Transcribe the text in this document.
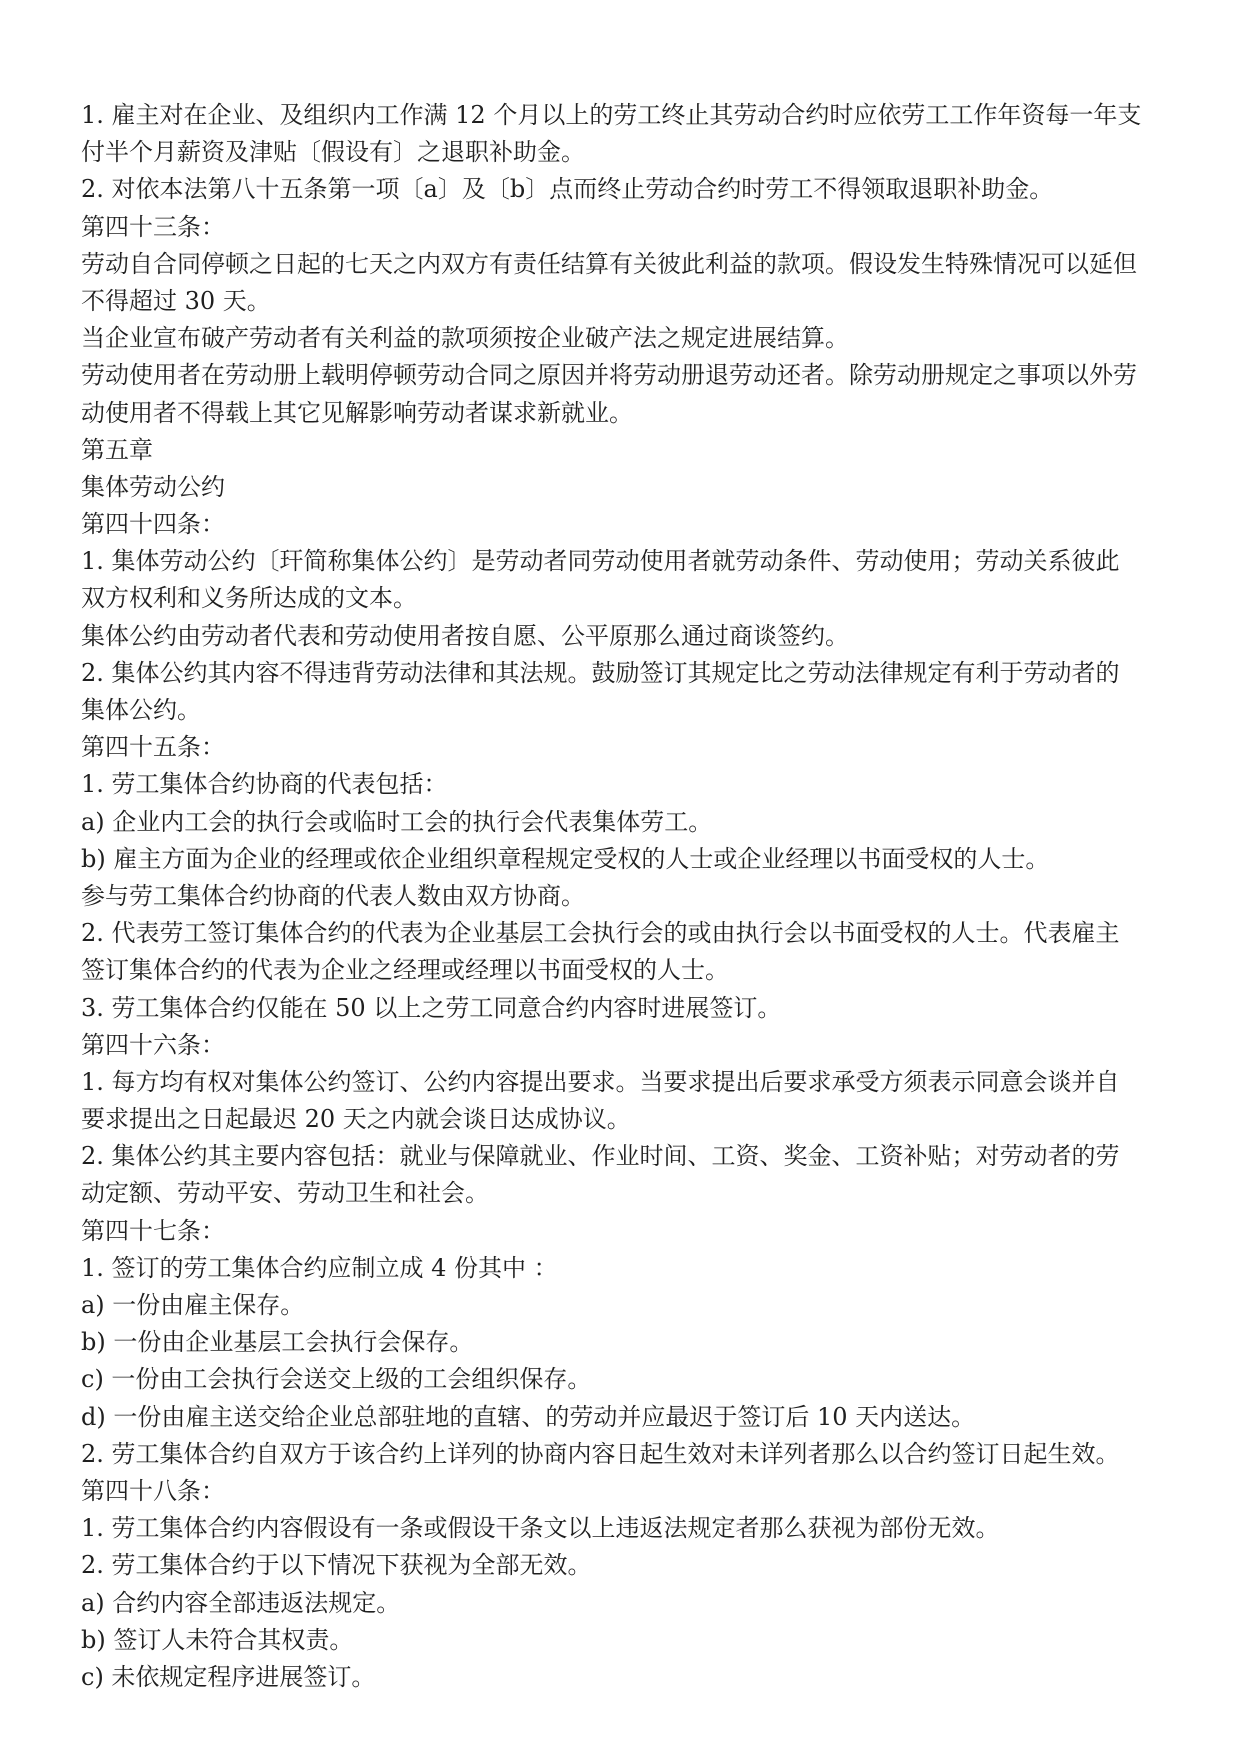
1. 雇主对在企业、及组织内工作满 12 个月以上的劳工终止其劳动合约时应依劳工工作年资每一年支
付半个月薪资及津贴〔假设有〕之退职补助金。
2. 对依本法第八十五条第一项〔a〕及〔b〕点而终止劳动合约时劳工不得领取退职补助金。
第四十三条：
劳动自合同停顿之日起的七天之内双方有责任结算有关彼此利益的款项。假设发生特殊情况可以延但
不得超过 30 天。
当企业宣布破产劳动者有关利益的款项须按企业破产法之规定进展结算。
劳动使用者在劳动册上载明停顿劳动合同之原因并将劳动册退劳动还者。除劳动册规定之事项以外劳
动使用者不得载上其它见解影响劳动者谋求新就业。
第五章
集体劳动公约
第四十四条：
1. 集体劳动公约〔玕简称集体公约〕是劳动者同劳动使用者就劳动条件、劳动使用；劳动关系彼此
双方权利和义务所达成的文本。
集体公约由劳动者代表和劳动使用者按自愿、公平原那么通过商谈签约。
2. 集体公约其内容不得违背劳动法律和其法规。鼓励签订其规定比之劳动法律规定有利于劳动者的
集体公约。
第四十五条：
1. 劳工集体合约协商的代表包括：
a) 企业内工会的执行会或临时工会的执行会代表集体劳工。
b) 雇主方面为企业的经理或依企业组织章程规定受权的人士或企业经理以书面受权的人士。
参与劳工集体合约协商的代表人数由双方协商。
2. 代表劳工签订集体合约的代表为企业基层工会执行会的或由执行会以书面受权的人士。代表雇主
签订集体合约的代表为企业之经理或经理以书面受权的人士。
3. 劳工集体合约仅能在 50 以上之劳工同意合约内容时进展签订。
第四十六条：
1. 每方均有权对集体公约签订、公约内容提出要求。当要求提出后要求承受方须表示同意会谈并自
要求提出之日起最迟 20 天之内就会谈日达成协议。
2. 集体公约其主要内容包括：就业与保障就业、作业时间、工资、奖金、工资补贴；对劳动者的劳
动定额、劳动平安、劳动卫生和社会。
第四十七条：
1. 签订的劳工集体合约应制立成 4 份其中 ：
a) 一份由雇主保存。
b) 一份由企业基层工会执行会保存。
c) 一份由工会执行会送交上级的工会组织保存。
d) 一份由雇主送交给企业总部驻地的直辖、的劳动并应最迟于签订后 10 天内送达。
2. 劳工集体合约自双方于该合约上详列的协商内容日起生效对未详列者那么以合约签订日起生效。
第四十八条：
1. 劳工集体合约内容假设有一条或假设干条文以上违返法规定者那么获视为部份无效。
2. 劳工集体合约于以下情况下获视为全部无效。
a) 合约内容全部违返法规定。
b) 签订人未符合其权责。
c) 未依规定程序进展签订。
